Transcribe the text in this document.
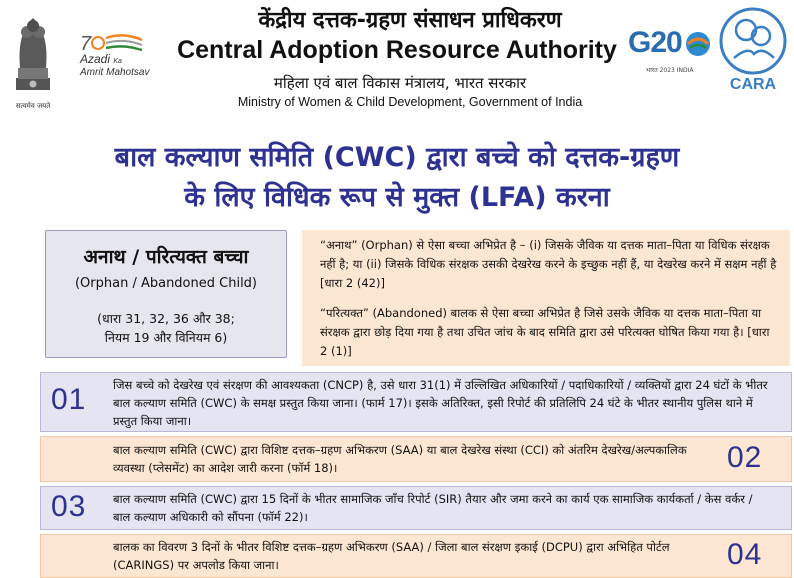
सत्यमेव जयते
7
Azadi Ka
Amrit Mahotsav
केंद्रीय दत्तक-ग्रहण संसाधन प्राधिकरण
Central Adoption Resource Authority
महिला एवं बाल विकास मंत्रालय, भारत सरकार
Ministry of Women & Child Development, Government of India
G20
भारत 2023 INDIA
CARA
बाल कल्याण समिति (CWC) द्वारा बच्चे को दत्तक-ग्रहण
के लिए विधिक रूप से मुक्त (LFA) करना
अनाथ / परित्यक्त बच्चा
(Orphan / Abandoned Child)
(धारा 31, 32, 36 और 38;
नियम 19 और विनियम 6)
“अनाथ” (Orphan) से ऐसा बच्चा अभिप्रेत है – (i) जिसके जैविक या दत्तक माता–पिता या विधिक संरक्षक नहीं है; या (ii) जिसके विधिक संरक्षक उसकी देखरेख करने के इच्छुक नहीं हैं, या देखरेख करने में सक्षम नहीं है [धारा 2 (42)]
“परित्यक्त” (Abandoned) बालक से ऐसा बच्चा अभिप्रेत है जिसे उसके जैविक या दत्तक माता–पिता या संरक्षक द्वारा छोड़ दिया गया है तथा उचित जांच के बाद समिति द्वारा उसे परित्यक्त घोषित किया गया है। [धारा 2 (1)]
01 जिस बच्चे को देखरेख एवं संरक्षण की आवश्यकता (CNCP) है, उसे धारा 31(1) में उल्लिखित अधिकारियों / पदाधिकारियों / व्यक्तियों द्वारा 24 घंटों के भीतर बाल कल्याण समिति (CWC) के समक्ष प्रस्तुत किया जाना। (फार्म 17)। इसके अतिरिक्त, इसी रिपोर्ट की प्रतिलिपि 24 घंटे के भीतर स्थानीय पुलिस थाने में प्रस्तुत किया जाना।
बाल कल्याण समिति (CWC) द्वारा विशिष्ट दत्तक–ग्रहण अभिकरण (SAA) या बाल देखरेख संस्था (CCI) को अंतरिम देखरेख/अल्पकालिक व्यवस्था (प्लेसमेंट) का आदेश जारी करना (फॉर्म 18)।	02
03 बाल कल्याण समिति (CWC) द्वारा 15 दिनों के भीतर सामाजिक जाँच रिपोर्ट (SIR) तैयार और जमा करने का कार्य एक सामाजिक कार्यकर्ता / केस वर्कर / बाल कल्याण अधिकारी को सौंपना (फॉर्म 22)।
बालक का विवरण 3 दिनों के भीतर विशिष्ट दत्तक–ग्रहण अभिकरण (SAA) / जिला बाल संरक्षण इकाई (DCPU) द्वारा अभिहित पोर्टल (CARINGS) पर अपलोड किया जाना।	04
